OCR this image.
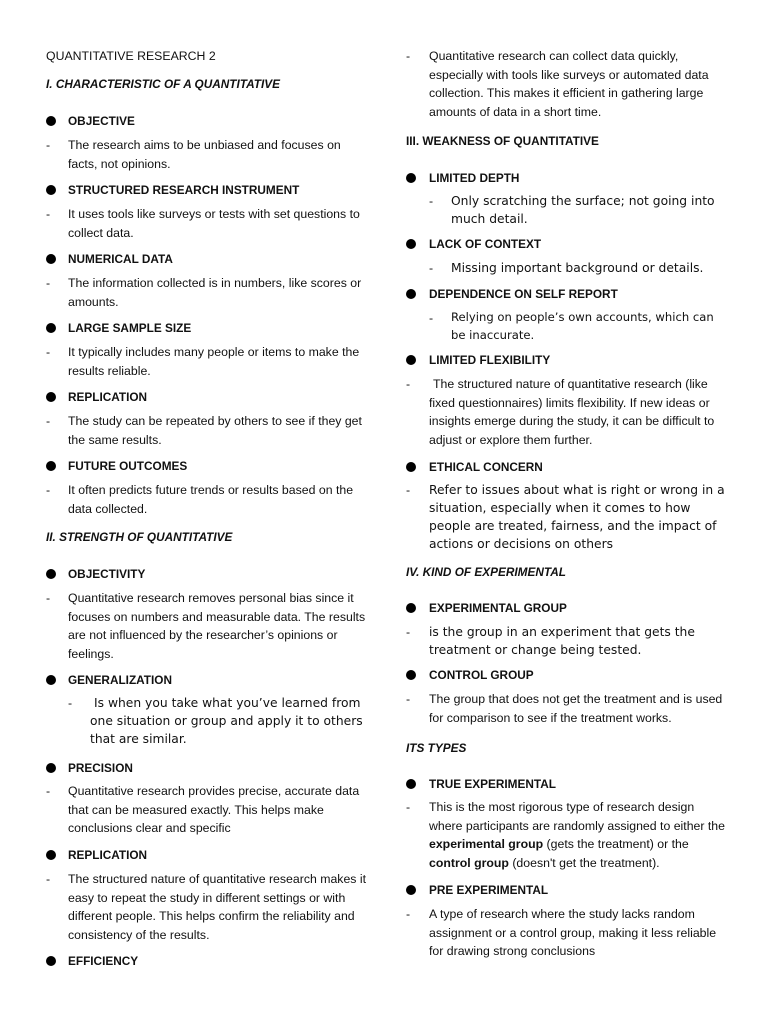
QUANTITATIVE RESEARCH 2

I. CHARACTERISTIC OF A QUANTITATIVE

OBJECTIVE

- The research aims to be unbiased and focuses on facts, not opinions.

STRUCTURED RESEARCH INSTRUMENT

- It uses tools like surveys or tests with set questions to collect data.

NUMERICAL DATA

- The information collected is in numbers, like scores or amounts.

LARGE SAMPLE SIZE

- It typically includes many people or items to make the results reliable.

REPLICATION

- The study can be repeated by others to see if they get the same results.

FUTURE OUTCOMES

- It often predicts future trends or results based on the data collected.

II. STRENGTH OF QUANTITATIVE

OBJECTIVITY

- Quantitative research removes personal bias since it focuses on numbers and measurable data. The results are not influenced by the researcher’s opinions or feelings.

GENERALIZATION

-	Is when you take what you’ve learned from one situation or group and apply it to others that are similar.

PRECISION

- Quantitative research provides precise, accurate data that can be measured exactly. This helps make conclusions clear and specific

REPLICATION

- The structured nature of quantitative research makes it easy to repeat the study in different settings or with different people. This helps confirm the reliability and consistency of the results.

EFFICIENCY

- Quantitative research can collect data quickly, especially with tools like surveys or automated data collection. This makes it efficient in gathering large amounts of data in a short time.

III. WEAKNESS OF QUANTITATIVE

LIMITED DEPTH

- Only scratching the surface; not going into much detail.

LACK OF CONTEXT

- Missing important background or details.

DEPENDENCE ON SELF REPORT

- Relying on people’s own accounts, which can be inaccurate.

LIMITED FLEXIBILITY

-	The structured nature of quantitative research (like fixed questionnaires) limits flexibility. If new ideas or insights emerge during the study, it can be difficult to adjust or explore them further.

ETHICAL CONCERN

- Refer to issues about what is right or wrong in a situation, especially when it comes to how people are treated, fairness, and the impact of actions or decisions on others

IV. KIND OF EXPERIMENTAL

EXPERIMENTAL GROUP

- is the group in an experiment that gets the treatment or change being tested.

CONTROL GROUP

- The group that does not get the treatment and is used for comparison to see if the treatment works.

ITS TYPES

TRUE EXPERIMENTAL

- This is the most rigorous type of research design where participants are randomly assigned to either the experimental group (gets the treatment) or the control group (doesn't get the treatment).

PRE EXPERIMENTAL

- A type of research where the study lacks random assignment or a control group, making it less reliable for drawing strong conclusions
